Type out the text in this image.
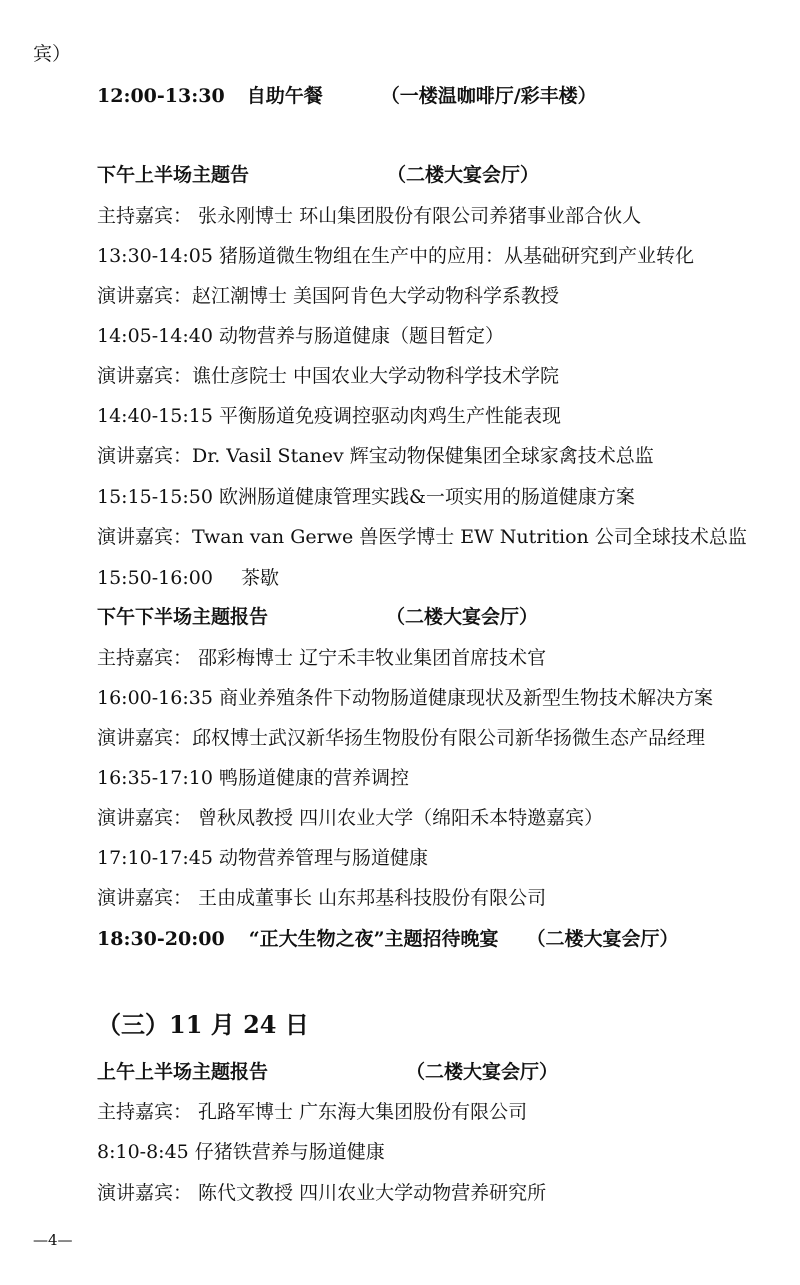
宾）
12:00-13:30 自助午餐	（一楼温咖啡厅/彩丰楼）
下午上半场主题告	（二楼大宴会厅）
主持嘉宾： 张永刚博士 环山集团股份有限公司养猪事业部合伙人
13:30-14:05 猪肠道微生物组在生产中的应用：从基础研究到产业转化
演讲嘉宾：赵江潮博士 美国阿肯色大学动物科学系教授
14:05-14:40 动物营养与肠道健康（题目暂定）
演讲嘉宾：谯仕彦院士 中国农业大学动物科学技术学院
14:40-15:15 平衡肠道免疫调控驱动肉鸡生产性能表现
演讲嘉宾：Dr. Vasil Stanev 辉宝动物保健集团全球家禽技术总监
15:15-15:50 欧洲肠道健康管理实践&一项实用的肠道健康方案
演讲嘉宾：Twan van Gerwe 兽医学博士 EW Nutrition 公司全球技术总监
15:50-16:00 茶歇
下午下半场主题报告	（二楼大宴会厅）
主持嘉宾： 邵彩梅博士 辽宁禾丰牧业集团首席技术官
16:00-16:35 商业养殖条件下动物肠道健康现状及新型生物技术解决方案
演讲嘉宾：邱权博士武汉新华扬生物股份有限公司新华扬微生态产品经理
16:35-17:10 鸭肠道健康的营养调控
演讲嘉宾： 曾秋凤教授 四川农业大学（绵阳禾本特邀嘉宾）
17:10-17:45 动物营养管理与肠道健康
演讲嘉宾： 王由成董事长 山东邦基科技股份有限公司
18:30-20:00 “正大生物之夜”主题招待晚宴 （二楼大宴会厅）
（三）11 月 24 日
上午上半场主题报告	（二楼大宴会厅）
主持嘉宾： 孔路军博士 广东海大集团股份有限公司
8:10-8:45 仔猪铁营养与肠道健康
演讲嘉宾： 陈代文教授 四川农业大学动物营养研究所
—4—
